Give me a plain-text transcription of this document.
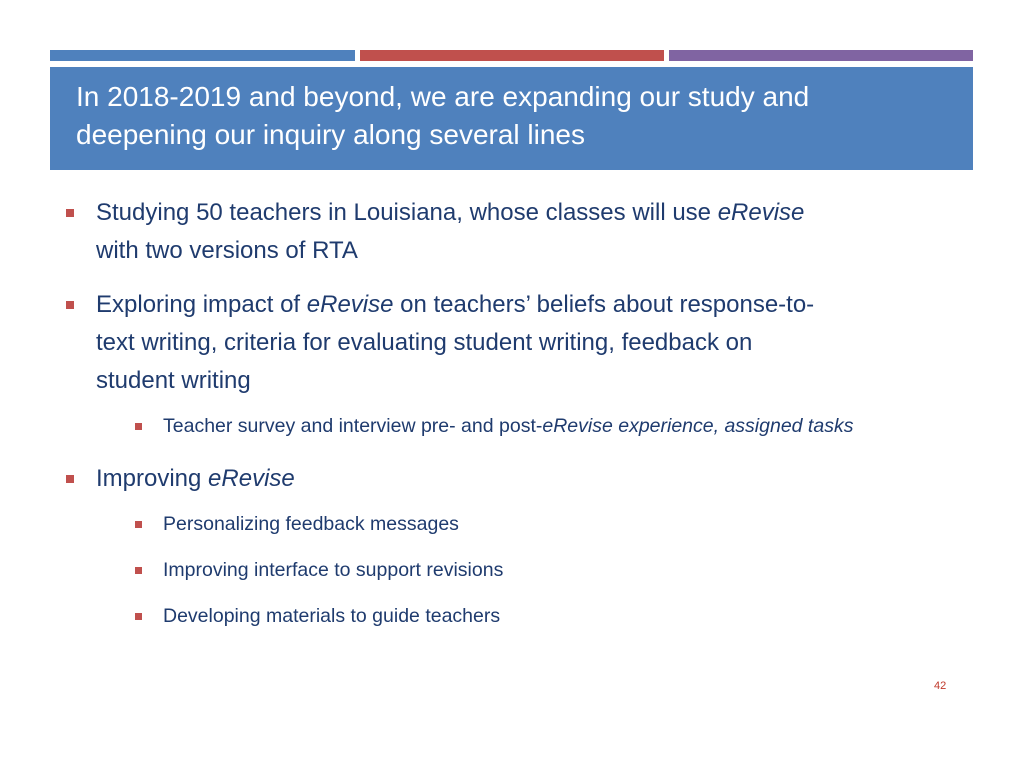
In 2018-2019 and beyond, we are expanding our study and
deepening our inquiry along several lines
Studying 50 teachers in Louisiana, whose classes will use eRevise
with two versions of RTA
Exploring impact of eRevise on teachers’ beliefs about response-to-
text writing, criteria for evaluating student writing, feedback on
student writing
Teacher survey and interview pre- and post-eRevise experience, assigned tasks
Improving eRevise
Personalizing feedback messages
Improving interface to support revisions
Developing materials to guide teachers
42
